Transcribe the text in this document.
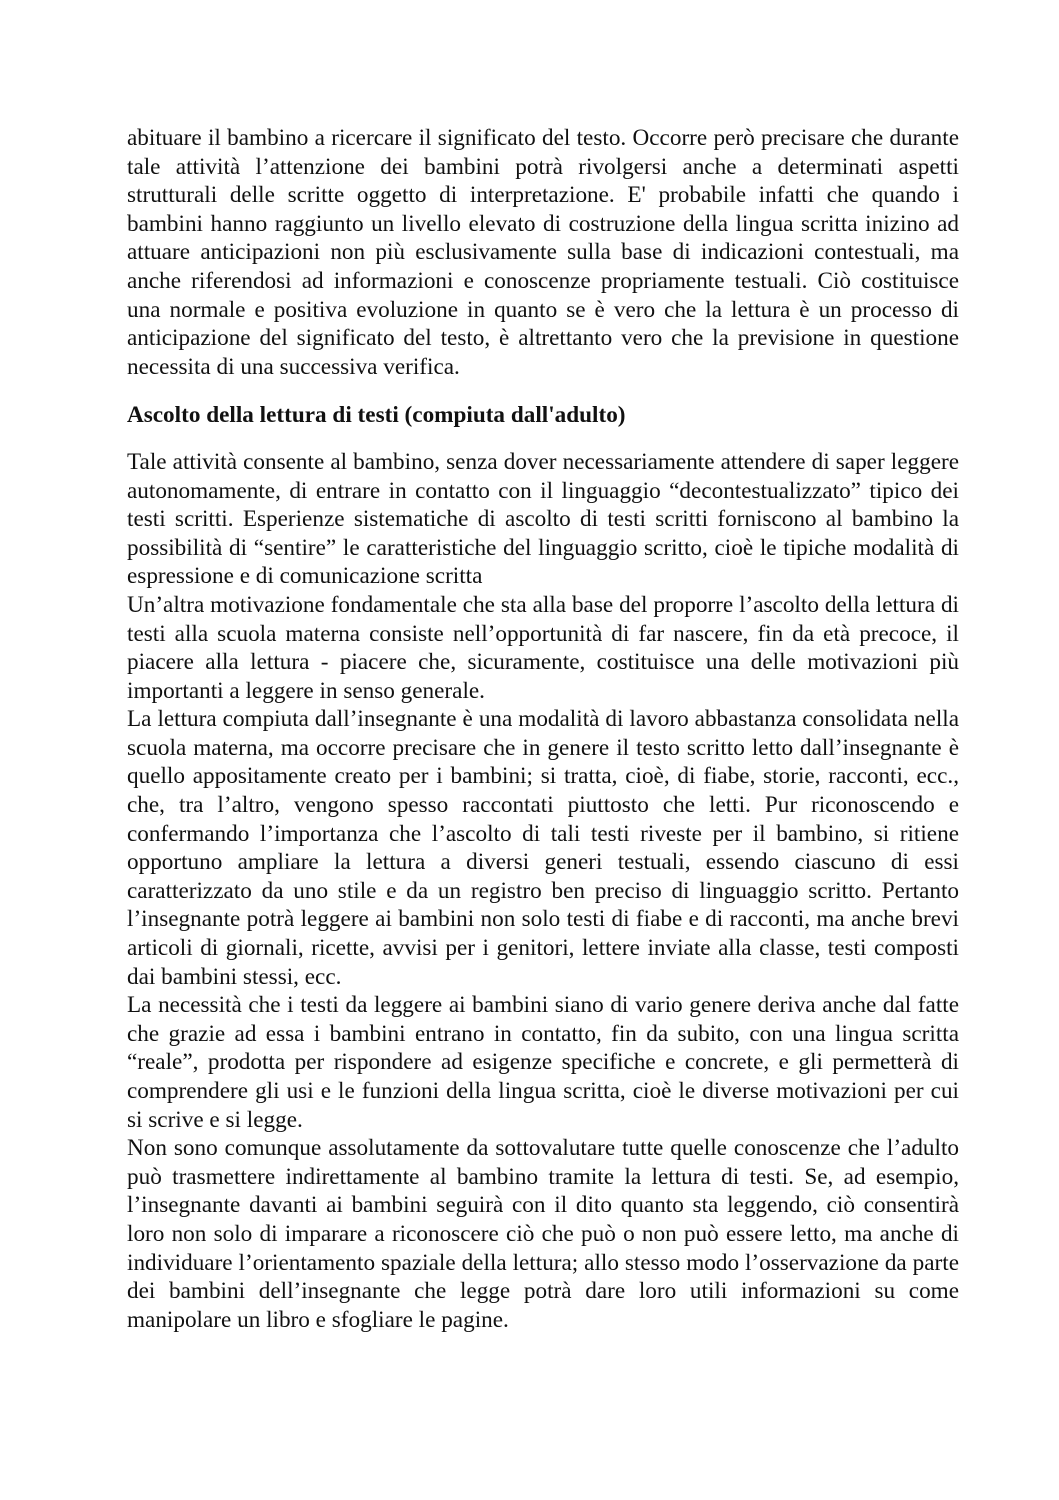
abituare il bambino a ricercare il significato del testo. Occorre però precisare che durante tale attività l’attenzione dei bambini potrà rivolgersi anche a determinati aspetti strutturali delle scritte oggetto di interpretazione. E' probabile infatti che quando i bambini hanno raggiunto un livello elevato di costruzione della lingua scritta inizino ad attuare anticipazioni non più esclusivamente sulla base di indicazioni contestuali, ma anche riferendosi ad informazioni e conoscenze propriamente testuali. Ciò costituisce una normale e positiva evoluzione in quanto se è vero che la lettura è un processo di anticipazione del significato del testo, è altrettanto vero che la previsione in questione necessita di una successiva verifica.

Ascolto della lettura di testi (compiuta dall'adulto)

Tale attività consente al bambino, senza dover necessariamente attendere di saper leggere autonomamente, di entrare in contatto con il linguaggio “decontestualizzato” tipico dei testi scritti. Esperienze sistematiche di ascolto di testi scritti forniscono al bambino la possibilità di “sentire” le caratteristiche del linguaggio scritto, cioè le tipiche modalità di espressione e di comunicazione scritta

Un’altra motivazione fondamentale che sta alla base del proporre l’ascolto della lettura di testi alla scuola materna consiste nell’opportunità di far nascere, fin da età precoce, il piacere alla lettura - piacere che, sicuramente, costituisce una delle motivazioni più importanti a leggere in senso generale.

La lettura compiuta dall’insegnante è una modalità di lavoro abbastanza consolidata nella scuola materna, ma occorre precisare che in genere il testo scritto letto dall’insegnante è quello appositamente creato per i bambini; si tratta, cioè, di fiabe, storie, racconti, ecc., che, tra l’altro, vengono spesso raccontati piuttosto che letti. Pur riconoscendo e confermando l’importanza che l’ascolto di tali testi riveste per il bambino, si ritiene opportuno ampliare la lettura a diversi generi testuali, essendo ciascuno di essi caratterizzato da uno stile e da un registro ben preciso di linguaggio scritto. Pertanto l’insegnante potrà leggere ai bambini non solo testi di fiabe e di racconti, ma anche brevi articoli di giornali, ricette, avvisi per i genitori, lettere inviate alla classe, testi composti dai bambini stessi, ecc.

La necessità che i testi da leggere ai bambini siano di vario genere deriva anche dal fatte che grazie ad essa i bambini entrano in contatto, fin da subito, con una lingua scritta “reale”, prodotta per rispondere ad esigenze specifiche e concrete, e gli permetterà di comprendere gli usi e le funzioni della lingua scritta, cioè le diverse motivazioni per cui si scrive e si legge.

Non sono comunque assolutamente da sottovalutare tutte quelle conoscenze che l’adulto può trasmettere indirettamente al bambino tramite la lettura di testi. Se, ad esempio, l’insegnante davanti ai bambini seguirà con il dito quanto sta leggendo, ciò consentirà loro non solo di imparare a riconoscere ciò che può o non può essere letto, ma anche di individuare l’orientamento spaziale della lettura; allo stesso modo l’osservazione da parte dei bambini dell’insegnante che legge potrà dare loro utili informazioni su come manipolare un libro e sfogliare le pagine.
